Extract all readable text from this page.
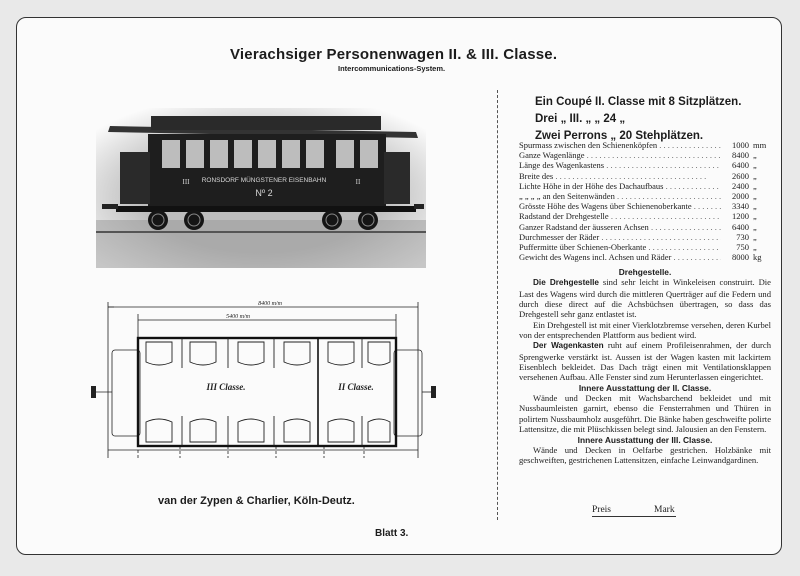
Vierachsiger Personenwagen II. & III. Classe.
Intercommunications-System.
RONSDORF MÜNGSTENER EISENBAHN
Nº 2
III	II
8400 m/m
5400 m/m
III Classe.	II Classe.
Ein Coupé II. Classe mit 8 Sitzplätzen.
Drei „ III. „ „ 24 „
Zwei Perrons „ 20 Stehplätzen.
Spurmass zwischen den Schienenköpfen . . .	1000 mm
Ganze Wagenlänge . . .	8400 „
Länge des Wagenkastens . . .	6400 „
Breite des . . .	2600 „
Lichte Höhe in der Höhe des Dachaufbaus . . .	2400 „
„ „ „ „ an den Seitenwänden . . .	2000 „
Grösste Höhe des Wagens über Schienenoberkante . . .	3340 „
Radstand der Drehgestelle . . .	1200 „
Ganzer Radstand der äusseren Achsen . . .	6400 „
Durchmesser der Räder . . .	730 „
Puffermitte über Schienen-Oberkante . . .	750 „
Gewicht des Wagens incl. Achsen und Räder . . .	8000 kg
Drehgestelle.

Die Drehgestelle sind sehr leicht in Winkeleisen construirt. Die Last des Wagens wird durch die mittleren Querträger auf die Federn und durch diese direct auf die Achsbüchsen übertragen, so dass das Drehgestell sehr ganz entlastet ist.

Ein Drehgestell ist mit einer Vierklotzbremse versehen, deren Kurbel von der entsprechenden Plattform aus bedient wird.

Der Wagenkasten ruht auf einem Profileisenrahmen, der durch Sprengwerke verstärkt ist. Aussen ist der Wagen kasten mit lackirtem Eisenblech bekleidet. Das Dach trägt einen mit Ventilationsklappen versehenen Aufbau. Alle Fenster sind zum Herunterlassen eingerichtet.

Innere Ausstattung der II. Classe.

Wände und Decken mit Wachsbarchend bekleidet und mit Nussbaumleisten garnirt, ebenso die Fensterrahmen und Thüren in polirtem Nussbaumholz ausgeführt. Die Bänke haben geschweifte polirte Lattensitze, die mit Plüschkissen belegt sind. Jalousien an den Fenstern.

Innere Ausstattung der III. Classe.

Wände und Decken in Oelfarbe gestrichen. Holzbänke mit geschweiften, gestrichenen Lattensitzen, einfache Leinwandgardinen.

Preis	Mark
van der Zypen & Charlier, Köln-Deutz.
Blatt 3.
